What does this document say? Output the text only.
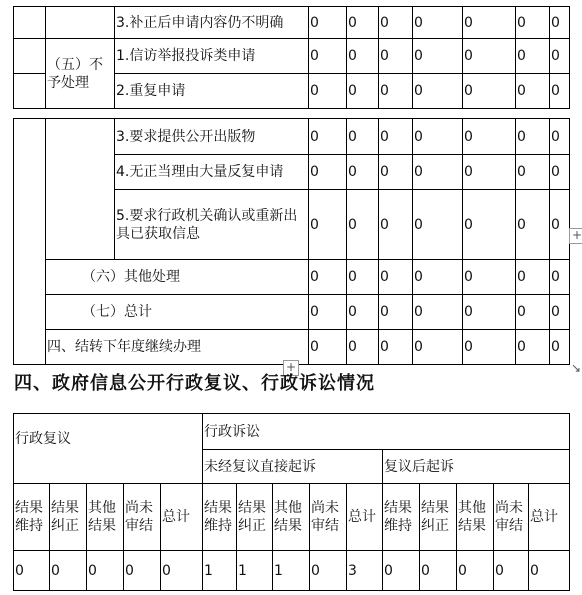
		3.补正后申请内容仍不明确	0	0	0	0	0	0	0
	（五）不予处理	1.信访举报投诉类申请	0	0	0	0	0	0	0
		2.重复申请	0	0	0	0	0	0	0
		3.要求提供公开出版物	0	0	0	0	0	0	0
		4.无正当理由大量反复申请	0	0	0	0	0	0	0
		5.要求行政机关确认或重新出具已获取信息	0	0	0	0	0	0	0
	（六）其他处理		0	0	0	0	0	0	0
	（七）总计		0	0	0	0	0	0	0
	四、结转下年度继续办理		0	0	0	0	0	0	0
+
+
↘
四、政府信息公开行政复议、行政诉讼情况
行政复议					行政诉讼									
					未经复议直接起诉					复议后起诉				
结果维持	结果纠正	其他结果	尚未审结	总计	结果维持	结果纠正	其他结果	尚未审结	总计	结果维持	结果纠正	其他结果	尚未审结	总计
0	0	0	0	0	1	1	1	0	3	0	0	0	0	0
